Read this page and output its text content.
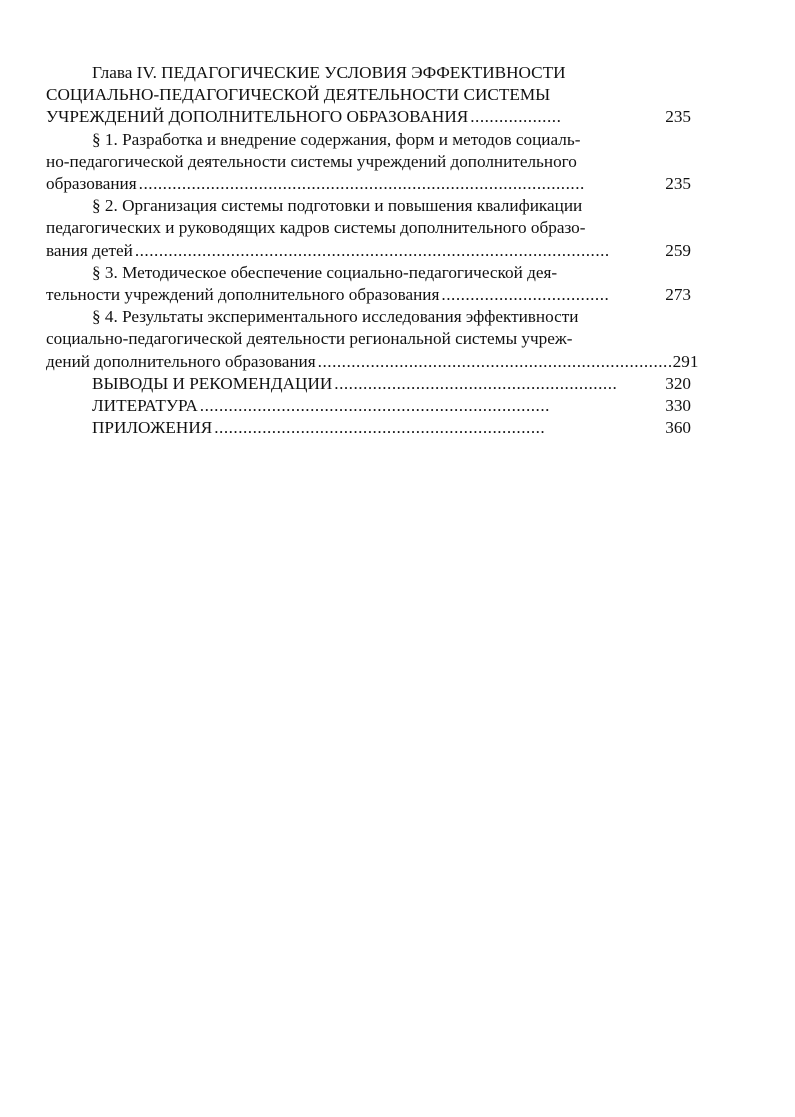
Глава IV. ПЕДАГОГИЧЕСКИЕ УСЛОВИЯ ЭФФЕКТИВНОСТИ
СОЦИАЛЬНО-ПЕДАГОГИЧЕСКОЙ ДЕЯТЕЛЬНОСТИ СИСТЕМЫ
УЧРЕЖДЕНИЙ ДОПОЛНИТЕЛЬНОГО ОБРАЗОВАНИЯ ...................	235
§ 1. Разработка и внедрение содержания, форм и методов социаль-
но-педагогической деятельности системы учреждений дополнительного
образования .............................................................................................	235
§ 2. Организация системы подготовки и повышения квалификации
педагогических и руководящих кадров системы дополнительного образо-
вания детей ...................................................................................................	259
§ 3. Методическое обеспечение социально-педагогической дея-
тельности учреждений дополнительного образования ...................................	273
§ 4. Результаты экспериментального исследования эффективности
социально-педагогической деятельности региональной системы учреж-
дений дополнительного образования .......................................................................... 291
ВЫВОДЫ И РЕКОМЕНДАЦИИ ...........................................................	320
ЛИТЕРАТУРА .........................................................................	330
ПРИЛОЖЕНИЯ .....................................................................	360
